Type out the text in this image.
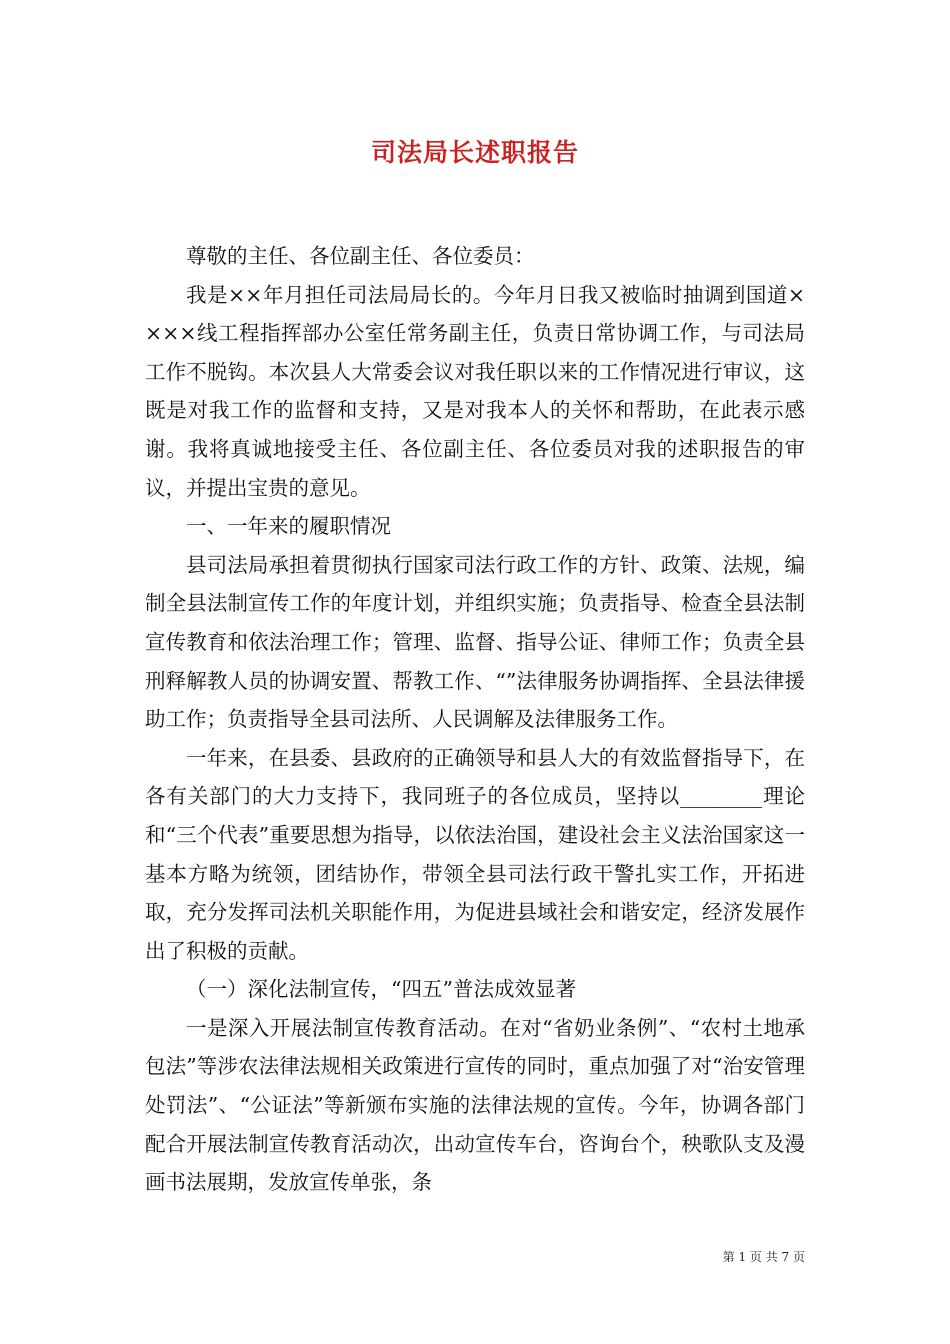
司法局长述职报告

尊敬的主任、各位副主任、各位委员：

我是××年月担任司法局局长的。今年月日我又被临时抽调到国道××××线工程指挥部办公室任常务副主任，负责日常协调工作，与司法局工作不脱钩。本次县人大常委会议对我任职以来的工作情况进行审议，这既是对我工作的监督和支持，又是对我本人的关怀和帮助，在此表示感谢。我将真诚地接受主任、各位副主任、各位委员对我的述职报告的审议，并提出宝贵的意见。

一、一年来的履职情况

县司法局承担着贯彻执行国家司法行政工作的方针、政策、法规，编制全县法制宣传工作的年度计划，并组织实施；负责指导、检查全县法制宣传教育和依法治理工作；管理、监督、指导公证、律师工作；负责全县刑释解教人员的协调安置、帮教工作、“”法律服务协调指挥、全县法律援助工作；负责指导全县司法所、人民调解及法律服务工作。

一年来，在县委、县政府的正确领导和县人大的有效监督指导下，在各有关部门的大力支持下，我同班子的各位成员，坚持以________理论和“三个代表”重要思想为指导，以依法治国，建设社会主义法治国家这一基本方略为统领，团结协作，带领全县司法行政干警扎实工作，开拓进取，充分发挥司法机关职能作用，为促进县域社会和谐安定，经济发展作出了积极的贡献。

（一）深化法制宣传，“四五”普法成效显著

一是深入开展法制宣传教育活动。在对“省奶业条例”、“农村土地承包法”等涉农法律法规相关政策进行宣传的同时，重点加强了对“治安管理处罚法”、“公证法”等新颁布实施的法律法规的宣传。今年，协调各部门配合开展法制宣传教育活动次，出动宣传车台，咨询台个，秧歌队支及漫画书法展期，发放宣传单张，条

第 1 页 共 7 页
